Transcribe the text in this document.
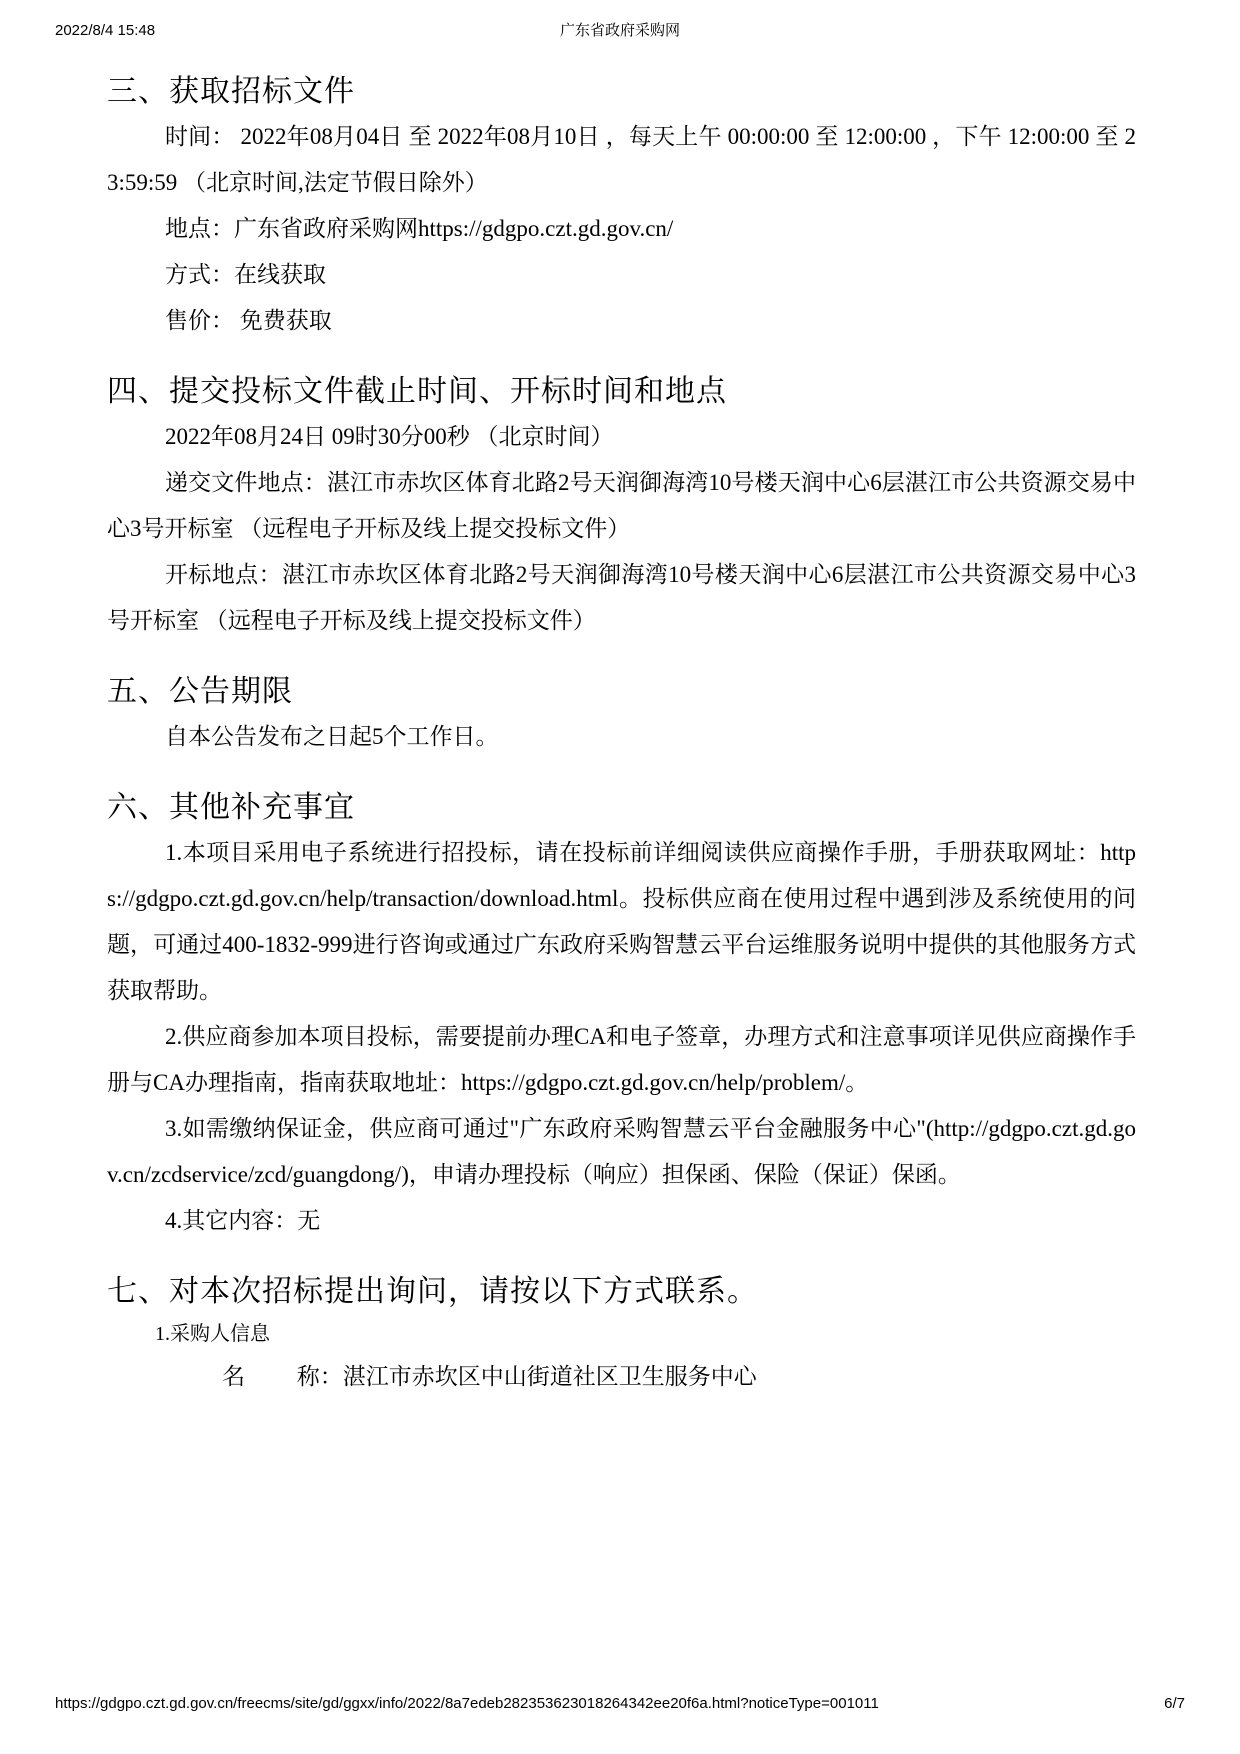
2022/8/4 15:48	广东省政府采购网
三、获取招标文件

时间： 2022年08月04日 至 2022年08月10日 ，每天上午 00:00:00 至 12:00:00 ，下午 12:00:00 至 23:59:59 （北京时间,法定节假日除外）

地点：广东省政府采购网https://gdgpo.czt.gd.gov.cn/

方式：在线获取

售价： 免费获取

四、提交投标文件截止时间、开标时间和地点

2022年08月24日 09时30分00秒 （北京时间）

递交文件地点：湛江市赤坎区体育北路2号天润御海湾10号楼天润中心6层湛江市公共资源交易中心3号开标室 （远程电子开标及线上提交投标文件）

开标地点：湛江市赤坎区体育北路2号天润御海湾10号楼天润中心6层湛江市公共资源交易中心3号开标室 （远程电子开标及线上提交投标文件）

五、公告期限

自本公告发布之日起5个工作日。

六、其他补充事宜

1.本项目采用电子系统进行招投标，请在投标前详细阅读供应商操作手册，手册获取网址：https://gdgpo.czt.gd.gov.cn/help/transaction/download.html。投标供应商在使用过程中遇到涉及系统使用的问题，可通过400-1832-999进行咨询或通过广东政府采购智慧云平台运维服务说明中提供的其他服务方式获取帮助。

2.供应商参加本项目投标，需要提前办理CA和电子签章，办理方式和注意事项详见供应商操作手册与CA办理指南，指南获取地址：https://gdgpo.czt.gd.gov.cn/help/problem/。

3.如需缴纳保证金，供应商可通过"广东政府采购智慧云平台金融服务中心"(http://gdgpo.czt.gd.gov.cn/zcdservice/zcd/guangdong/)，申请办理投标（响应）担保函、保险（保证）保函。

4.其它内容：无

七、对本次招标提出询问，请按以下方式联系。

1.采购人信息

名　　 称：湛江市赤坎区中山街道社区卫生服务中心

https://gdgpo.czt.gd.gov.cn/freecms/site/gd/ggxx/info/2022/8a7edeb282353623018264342ee20f6a.html?noticeType=001011	6/7
